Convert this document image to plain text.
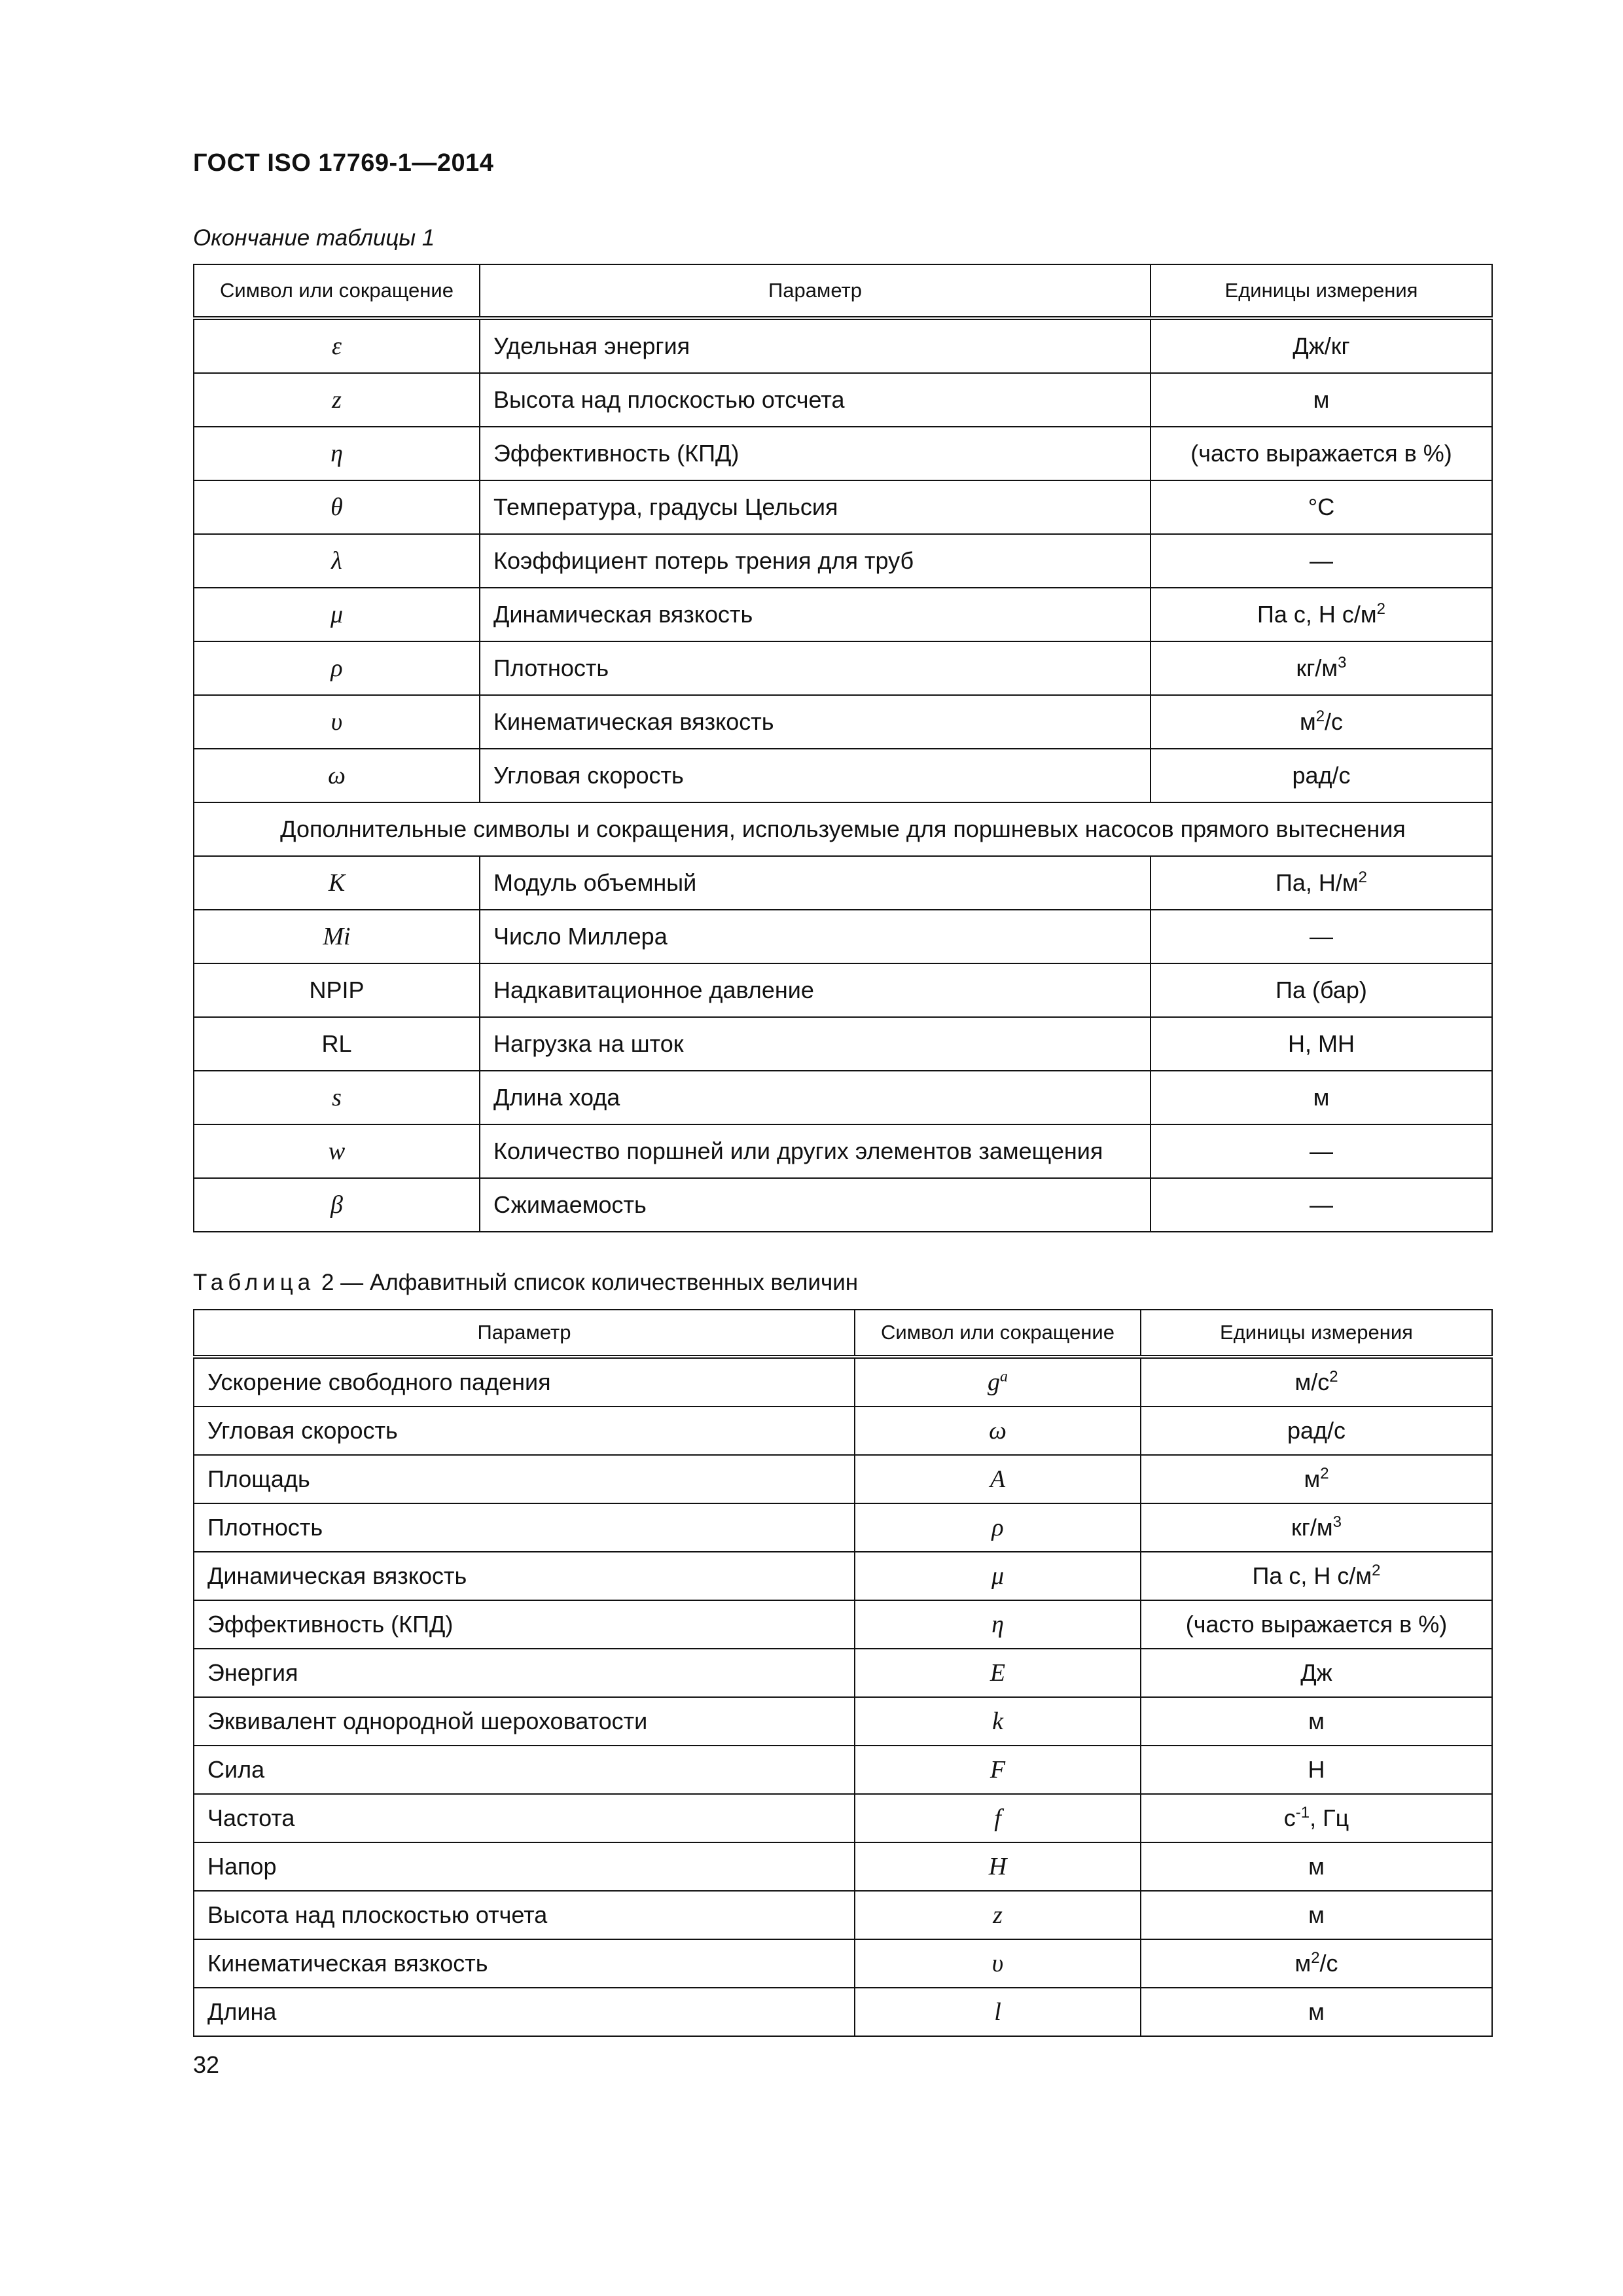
ГОСТ ISO 17769-1—2014
Окончание таблицы 1
Символ или сокращение	Параметр	Единицы измерения
ε	Удельная энергия	Дж/кг
z	Высота над плоскостью отсчета	м
η	Эффективность (КПД)	(часто выражается в %)
θ	Температура, градусы Цельсия	°C
λ	Коэффициент потерь трения для труб	—
μ	Динамическая вязкость	Па с, Н $с/м^2$
ρ	Плотность	$кг/м^3$
υ	Кинематическая вязкость	$м^2/с$
ω	Угловая скорость	рад/с
Дополнительные символы и сокращения, используемые для поршневых насосов прямого вытеснения		
K	Модуль объемный	Па, $Н/м^2$
Mi	Число Миллера	—
NPIP	Надкавитационное давление	Па (бар)
RL	Нагрузка на шток	Н, МН
s	Длина хода	м
w	Количество поршней или других элементов замещения	—
β	Сжимаемость	—
Таблица 2 — Алфавитный список количественных величин
Параметр	Символ или сокращение	Единицы измерения
Ускорение свободного падения	$g^a$	$м/с^2$
Угловая скорость	ω	рад/с
Площадь	A	$м^2$
Плотность	ρ	$кг/м^3$
Динамическая вязкость	μ	Па с, Н $с/м^2$
Эффективность (КПД)	η	(часто выражается в %)
Энергия	E	Дж
Эквивалент однородной шероховатости	k	м
Сила	F	Н
Частота	f	$с^{-1}$, Гц
Напор	H	м
Высота над плоскостью отчета	z	м
Кинематическая вязкость	υ	$м^2/с$
Длина	l	м
32
